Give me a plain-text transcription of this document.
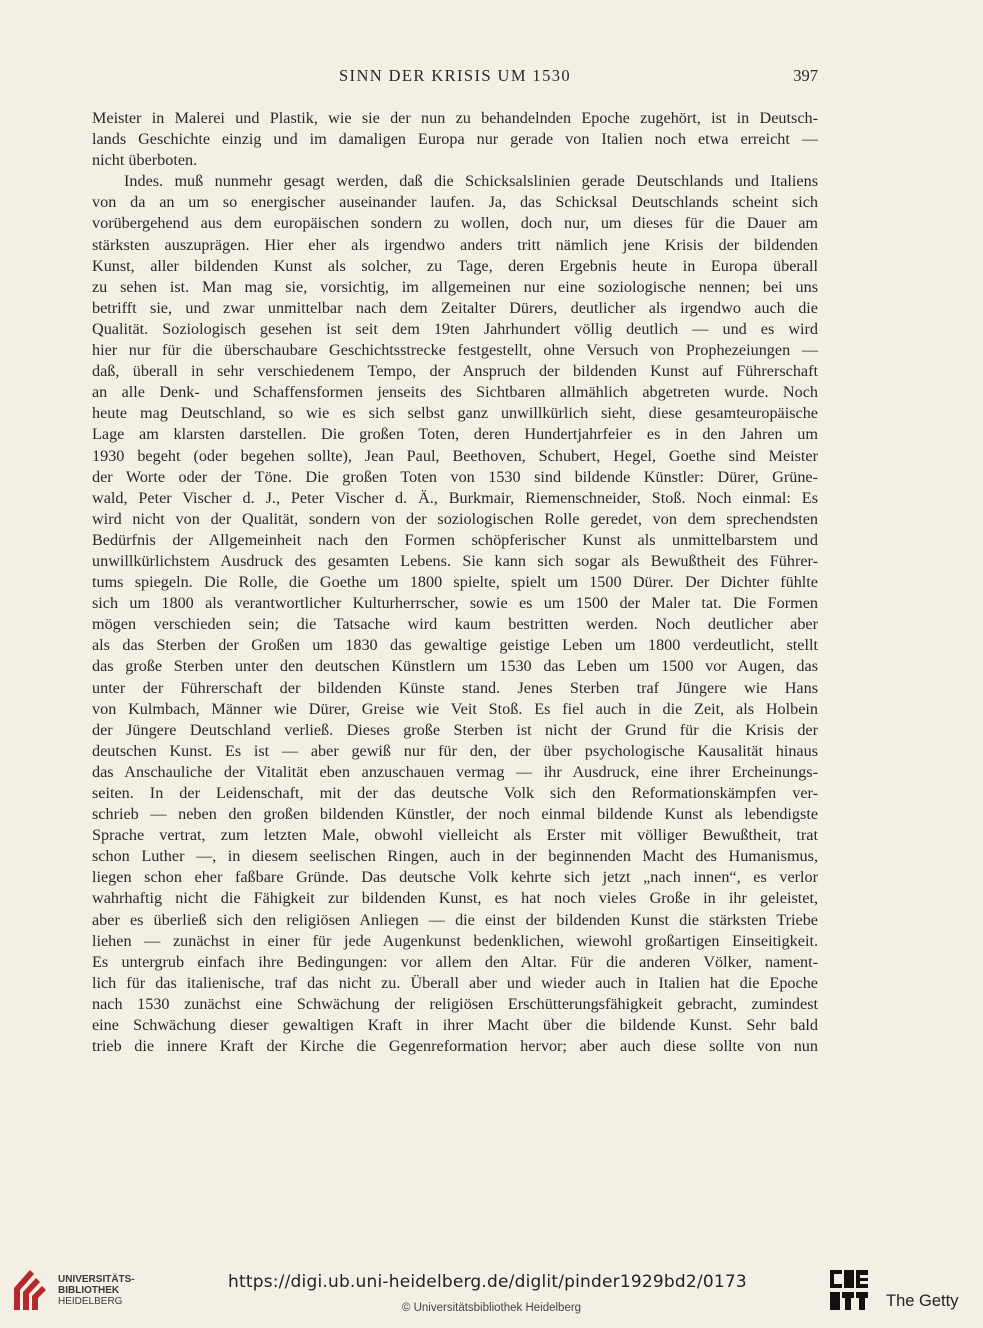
SINN DER KRISIS UM 1530	397
Meister in Malerei und Plastik, wie sie der nun zu behandelnden Epoche zugehört, ist in Deutsch-
lands Geschichte einzig und im damaligen Europa nur gerade von Italien noch etwa erreicht —
nicht überboten.
Indes. muß nunmehr gesagt werden, daß die Schicksalslinien gerade Deutschlands und Italiens
von da an um so energischer auseinander laufen. Ja, das Schicksal Deutschlands scheint sich
vorübergehend aus dem europäischen sondern zu wollen, doch nur, um dieses für die Dauer am
stärksten auszuprägen. Hier eher als irgendwo anders tritt nämlich jene Krisis der bildenden
Kunst, aller bildenden Kunst als solcher, zu Tage, deren Ergebnis heute in Europa überall
zu sehen ist. Man mag sie, vorsichtig, im allgemeinen nur eine soziologische nennen; bei uns
betrifft sie, und zwar unmittelbar nach dem Zeitalter Dürers, deutlicher als irgendwo auch die
Qualität. Soziologisch gesehen ist seit dem 19ten Jahrhundert völlig deutlich — und es wird
hier nur für die überschaubare Geschichtsstrecke festgestellt, ohne Versuch von Prophezeiungen —
daß, überall in sehr verschiedenem Tempo, der Anspruch der bildenden Kunst auf Führerschaft
an alle Denk- und Schaffensformen jenseits des Sichtbaren allmählich abgetreten wurde. Noch
heute mag Deutschland, so wie es sich selbst ganz unwillkürlich sieht, diese gesamteuropäische
Lage am klarsten darstellen. Die großen Toten, deren Hundertjahrfeier es in den Jahren um
1930 begeht (oder begehen sollte), Jean Paul, Beethoven, Schubert, Hegel, Goethe sind Meister
der Worte oder der Töne. Die großen Toten von 1530 sind bildende Künstler: Dürer, Grüne-
wald, Peter Vischer d. J., Peter Vischer d. Ä., Burkmair, Riemenschneider, Stoß. Noch einmal: Es
wird nicht von der Qualität, sondern von der soziologischen Rolle geredet, von dem sprechendsten
Bedürfnis der Allgemeinheit nach den Formen schöpferischer Kunst als unmittelbarstem und
unwillkürlichstem Ausdruck des gesamten Lebens. Sie kann sich sogar als Bewußtheit des Führer-
tums spiegeln. Die Rolle, die Goethe um 1800 spielte, spielt um 1500 Dürer. Der Dichter fühlte
sich um 1800 als verantwortlicher Kulturherrscher, sowie es um 1500 der Maler tat. Die Formen
mögen verschieden sein; die Tatsache wird kaum bestritten werden. Noch deutlicher aber
als das Sterben der Großen um 1830 das gewaltige geistige Leben um 1800 verdeutlicht, stellt
das große Sterben unter den deutschen Künstlern um 1530 das Leben um 1500 vor Augen, das
unter der Führerschaft der bildenden Künste stand. Jenes Sterben traf Jüngere wie Hans
von Kulmbach, Männer wie Dürer, Greise wie Veit Stoß. Es fiel auch in die Zeit, als Holbein
der Jüngere Deutschland verließ. Dieses große Sterben ist nicht der Grund für die Krisis der
deutschen Kunst. Es ist — aber gewiß nur für den, der über psychologische Kausalität hinaus
das Anschauliche der Vitalität eben anzuschauen vermag — ihr Ausdruck, eine ihrer Ercheinungs-
seiten. In der Leidenschaft, mit der das deutsche Volk sich den Reformationskämpfen ver-
schrieb — neben den großen bildenden Künstler, der noch einmal bildende Kunst als lebendigste
Sprache vertrat, zum letzten Male, obwohl vielleicht als Erster mit völliger Bewußtheit, trat
schon Luther —, in diesem seelischen Ringen, auch in der beginnenden Macht des Humanismus,
liegen schon eher faßbare Gründe. Das deutsche Volk kehrte sich jetzt „nach innen“, es verlor
wahrhaftig nicht die Fähigkeit zur bildenden Kunst, es hat noch vieles Große in ihr geleistet,
aber es überließ sich den religiösen Anliegen — die einst der bildenden Kunst die stärksten Triebe
liehen — zunächst in einer für jede Augenkunst bedenklichen, wiewohl großartigen Einseitigkeit.
Es untergrub einfach ihre Bedingungen: vor allem den Altar. Für die anderen Völker, nament-
lich für das italienische, traf das nicht zu. Überall aber und wieder auch in Italien hat die Epoche
nach 1530 zunächst eine Schwächung der religiösen Erschütterungsfähigkeit gebracht, zumindest
eine Schwächung dieser gewaltigen Kraft in ihrer Macht über die bildende Kunst. Sehr bald
trieb die innere Kraft der Kirche die Gegenreformation hervor; aber auch diese sollte von nun
UNIVERSITÄTS-
BIBLIOTHEK
HEIDELBERG
https://digi.ub.uni-heidelberg.de/diglit/pinder1929bd2/0173
© Universitätsbibliothek Heidelberg	The Getty
